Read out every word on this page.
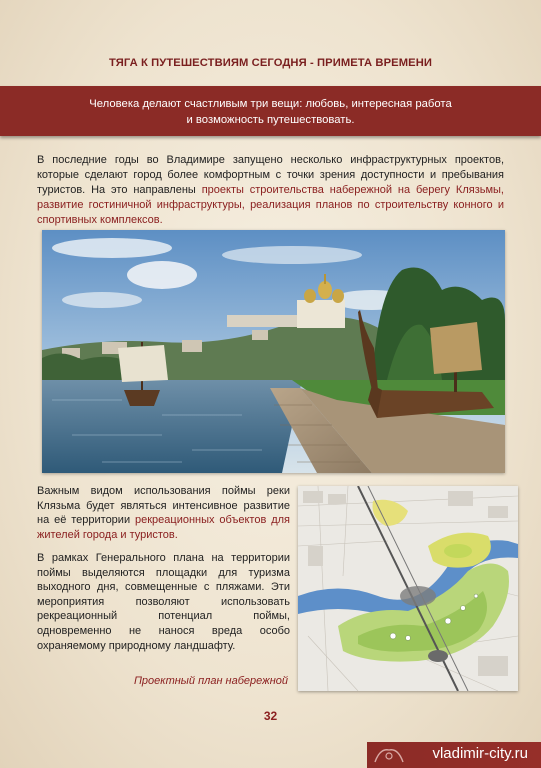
ТЯГА К ПУТЕШЕСТВИЯМ СЕГОДНЯ - ПРИМЕТА ВРЕМЕНИ
Человека делают счастливым три вещи: любовь, интересная работа
и возможность путешествовать.

В последние годы во Владимире запущено несколько инфраструктурных проектов, которые сделают город более комфортным с точки зрения доступности и пребывания туристов. На это направлены проекты строительства набережной на берегу Клязьмы, развитие гостиничной инфраструктуры, реализация планов по строительству конного и спортивных комплексов.

Важным видом использования поймы реки Клязьма будет являться интенсивное развитие на её территории рекреационных объектов для жителей города и туристов.

В рамках Генерального плана на территории поймы выделяются площадки для туризма выходного дня, совмещенные с пляжами. Эти мероприятия позволяют использовать рекреационный потенциал поймы, одновременно не нанося вреда особо охраняемому природному ландшафту.

Проектный план набережной
32
vladimir-city.ru
